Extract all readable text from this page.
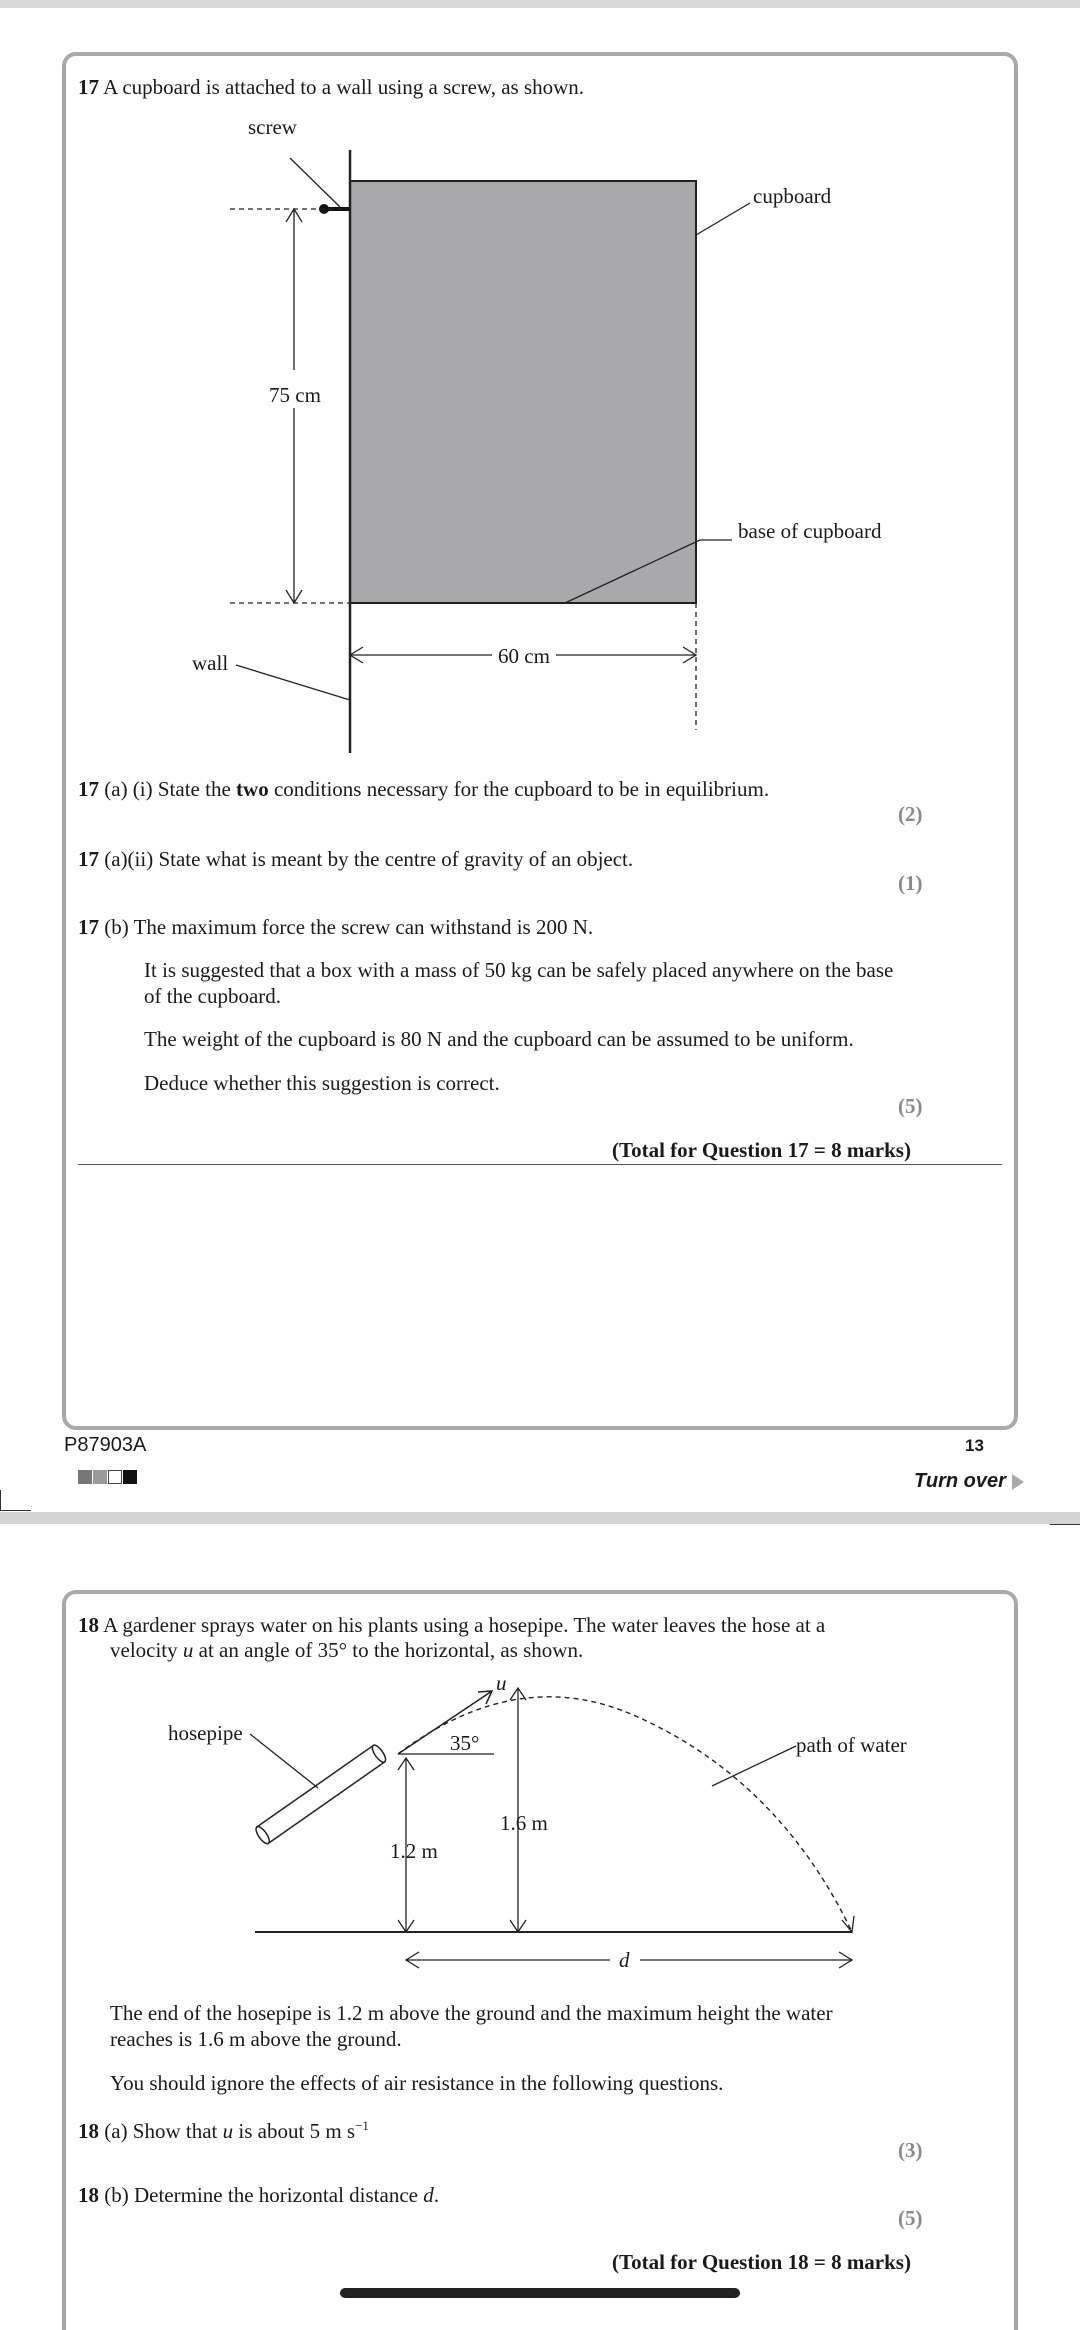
17 A cupboard is attached to a wall using a screw, as shown.
screw
cupboard
base of cupboard
wall
75 cm
60 cm
17 (a) (i) State the two conditions necessary for the cupboard to be in equilibrium.
(2)
17 (a)(ii) State what is meant by the centre of gravity of an object.
(1)
17 (b) The maximum force the screw can withstand is 200 N.
It is suggested that a box with a mass of 50 kg can be safely placed anywhere on the base of the cupboard.
The weight of the cupboard is 80 N and the cupboard can be assumed to be uniform.
Deduce whether this suggestion is correct.
(5)
(Total for Question 17 = 8 marks)
P87903A	13
Turn over
18 A gardener sprays water on his plants using a hosepipe. The water leaves the hose at a
velocity u at an angle of 35° to the horizontal, as shown.
hosepipe	path of water
u
35°
1.2 m
1.6 m
d
The end of the hosepipe is 1.2 m above the ground and the maximum height the water reaches is 1.6 m above the ground.
You should ignore the effects of air resistance in the following questions.
18 (a) Show that u is about 5 m $s^{-1}$
(3)
18 (b) Determine the horizontal distance d.
(5)
(Total for Question 18 = 8 marks)
